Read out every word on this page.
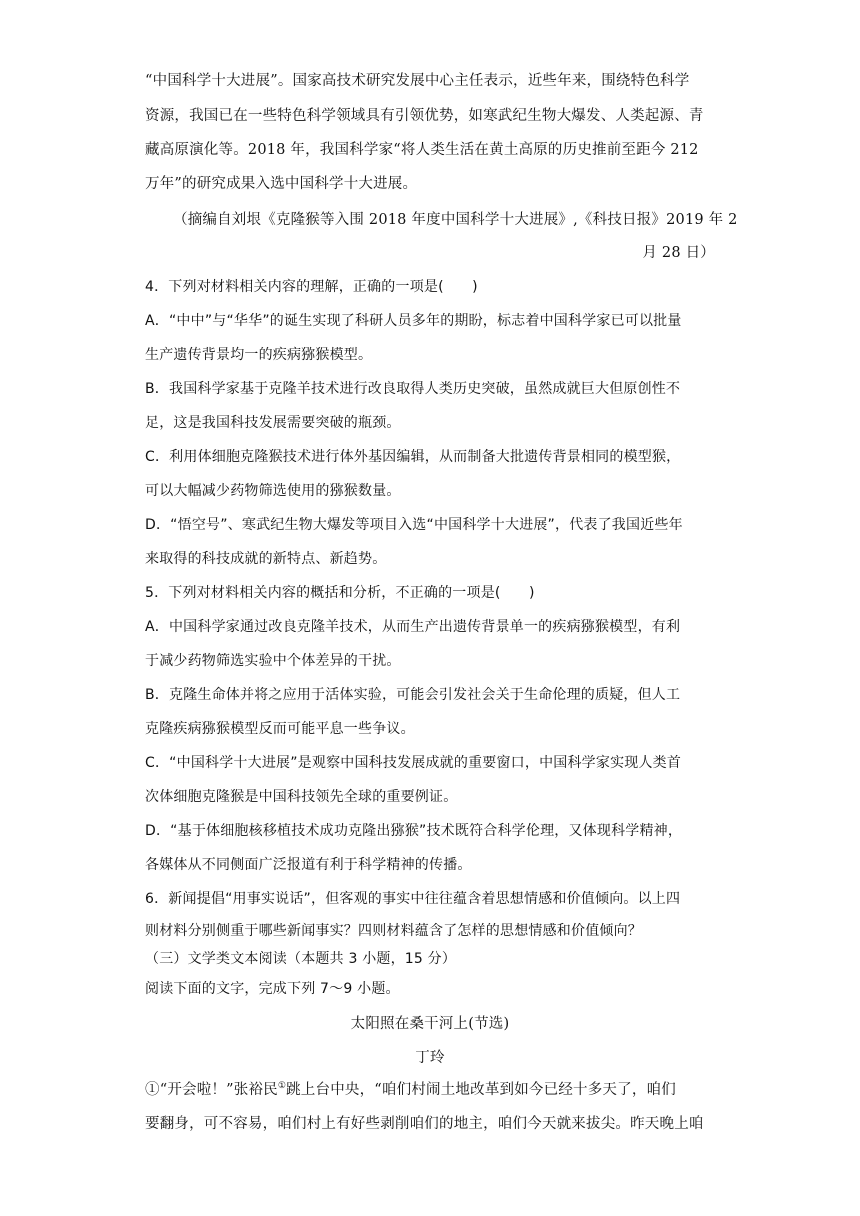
“中国科学十大进展”。国家高技术研究发展中心主任表示，近些年来，围绕特色科学
资源，我国已在一些特色科学领域具有引领优势，如寒武纪生物大爆发、人类起源、青
藏高原演化等。2018 年，我国科学家“将人类生活在黄土高原的历史推前至距今 212
万年”的研究成果入选中国科学十大进展。
（摘编自刘垠《克隆猴等入围 2018 年度中国科学十大进展》,《科技日报》2019 年 2
月 28 日）
4．下列对材料相关内容的理解，正确的一项是(　　)
A．“中中”与“华华”的诞生实现了科研人员多年的期盼，标志着中国科学家已可以批量
生产遗传背景均一的疾病猕猴模型。
B．我国科学家基于克隆羊技术进行改良取得人类历史突破，虽然成就巨大但原创性不
足，这是我国科技发展需要突破的瓶颈。
C．利用体细胞克隆猴技术进行体外基因编辑，从而制备大批遗传背景相同的模型猴，
可以大幅减少药物筛选使用的猕猴数量。
D．“悟空号”、寒武纪生物大爆发等项目入选“中国科学十大进展”，代表了我国近些年
来取得的科技成就的新特点、新趋势。
5．下列对材料相关内容的概括和分析，不正确的一项是(　　)
A．中国科学家通过改良克隆羊技术，从而生产出遗传背景单一的疾病猕猴模型，有利
于减少药物筛选实验中个体差异的干扰。
B．克隆生命体并将之应用于活体实验，可能会引发社会关于生命伦理的质疑，但人工
克隆疾病猕猴模型反而可能平息一些争议。
C．“中国科学十大进展”是观察中国科技发展成就的重要窗口，中国科学家实现人类首
次体细胞克隆猴是中国科技领先全球的重要例证。
D．“基于体细胞核移植技术成功克隆出猕猴”技术既符合科学伦理，又体现科学精神，
各媒体从不同侧面广泛报道有利于科学精神的传播。
6．新闻提倡“用事实说话”，但客观的事实中往往蕴含着思想情感和价值倾向。以上四
则材料分别侧重于哪些新闻事实？四则材料蕴含了怎样的思想情感和价值倾向？
（三）文学类文本阅读（本题共 3 小题，15 分）
阅读下面的文字，完成下列 7～9 小题。
太阳照在桑干河上(节选)
丁玲
①“开会啦！”张裕民①跳上台中央，“咱们村闹土地改革到如今已经十多天了，咱们
要翻身，可不容易，咱们村上有好些剥削咱们的地主，咱们今天就来拔尖。昨天晚上咱
